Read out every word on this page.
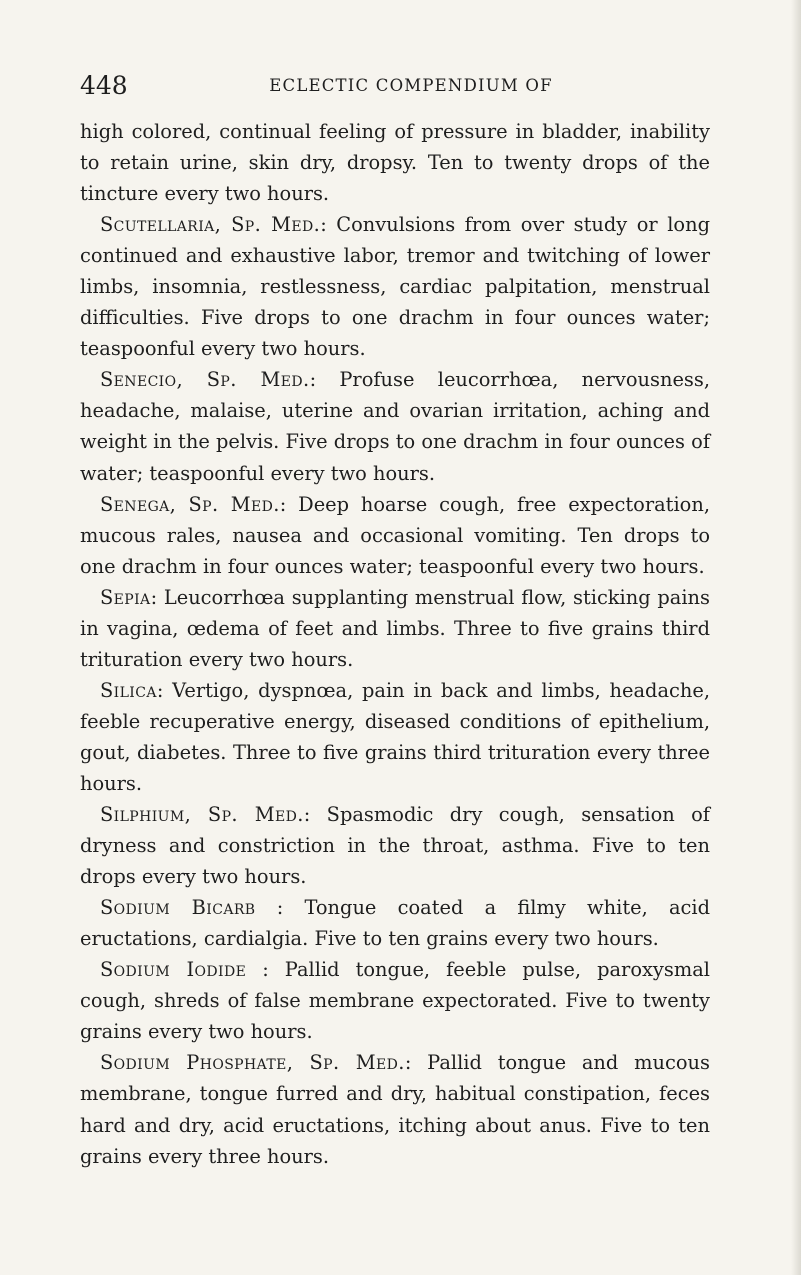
448	ECLECTIC COMPENDIUM OF

high colored, continual feeling of pressure in bladder, inability to retain urine, skin dry, dropsy. Ten to twenty drops of the tincture every two hours.

Scutellaria, Sp. Med.: Convulsions from over study or long continued and exhaustive labor, tremor and twitching of lower limbs, insomnia, restlessness, cardiac palpitation, menstrual difficulties. Five drops to one drachm in four ounces water; teaspoonful every two hours.

Senecio, Sp. Med.: Profuse leucorrhœa, nervousness, headache, malaise, uterine and ovarian irritation, aching and weight in the pelvis. Five drops to one drachm in four ounces of water; teaspoonful every two hours.

Senega, Sp. Med.: Deep hoarse cough, free expectoration, mucous rales, nausea and occasional vomiting. Ten drops to one drachm in four ounces water; teaspoonful every two hours.

Sepia: Leucorrhœa supplanting menstrual flow, sticking pains in vagina, œdema of feet and limbs. Three to five grains third trituration every two hours.

Silica: Vertigo, dyspnœa, pain in back and limbs, headache, feeble recuperative energy, diseased conditions of epithelium, gout, diabetes. Three to five grains third trituration every three hours.

Silphium, Sp. Med.: Spasmodic dry cough, sensation of dryness and constriction in the throat, asthma. Five to ten drops every two hours.

Sodium Bicarb : Tongue coated a filmy white, acid eructations, cardialgia. Five to ten grains every two hours.

Sodium Iodide : Pallid tongue, feeble pulse, paroxysmal cough, shreds of false membrane expectorated. Five to twenty grains every two hours.

Sodium Phosphate, Sp. Med.: Pallid tongue and mucous membrane, tongue furred and dry, habitual constipation, feces hard and dry, acid eructations, itching about anus. Five to ten grains every three hours.
